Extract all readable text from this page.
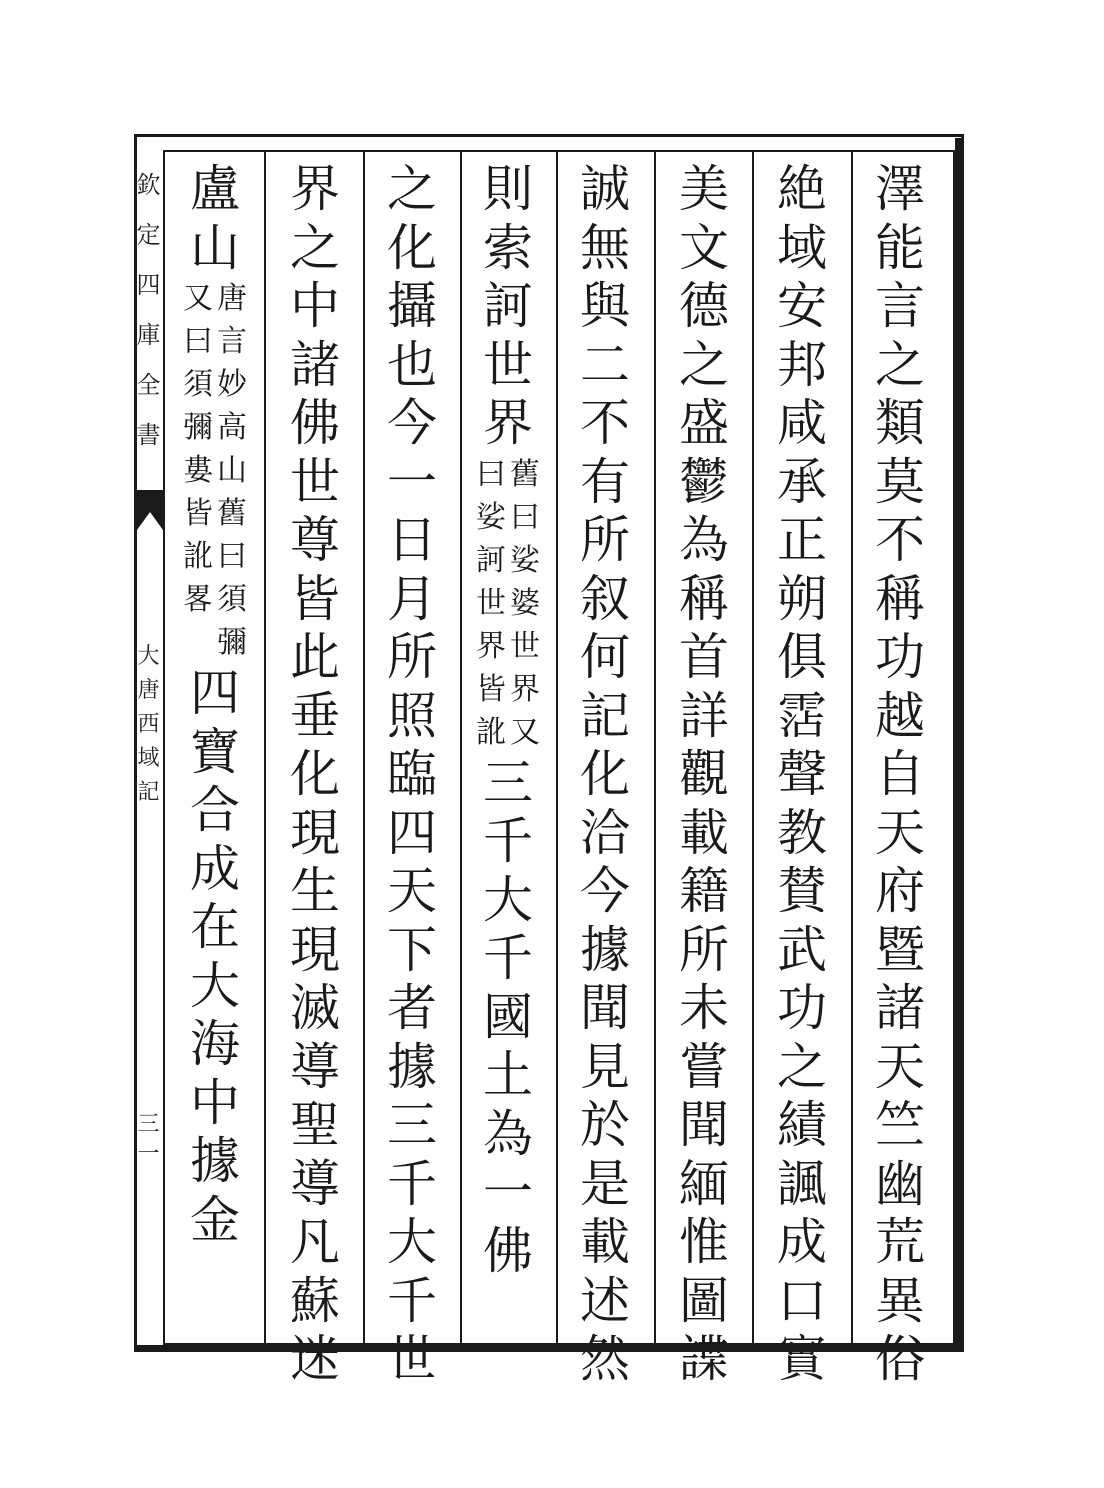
欽
定
四
庫
全
書
大
唐
西
域
記
三
一
澤
能
言
之
類
莫
不
稱
功
越
自
天
府
暨
諸
天
竺
幽
荒
異
俗
絶
域
安
邦
咸
承
正
朔
俱
霑
聲
教
賛
武
功
之
績
諷
成
口
實
美
文
德
之
盛
鬱
為
稱
首
詳
觀
載
籍
所
未
嘗
聞
緬
惟
圖
諜
誠
無
與
二
不
有
所
叙
何
記
化
洽
今
據
聞
見
於
是
載
述
然
則
索
訶
世
界
舊
曰
曰
娑
娑
訶
婆
世
世
界
界
皆
又
訛
三
千
大
千
國
土
為
一
佛
之
化
攝
也
今
一
日
月
所
照
臨
四
天
下
者
據
三
千
大
千
世
界
之
中
諸
佛
世
尊
皆
此
垂
化
現
生
現
滅
導
聖
導
凡
蘇
迷
盧
山
唐
又
言
曰
妙
須
高
彌
山
婁
舊
皆
曰
訛
須
畧
彌
四
寶
合
成
在
大
海
中
據
金
